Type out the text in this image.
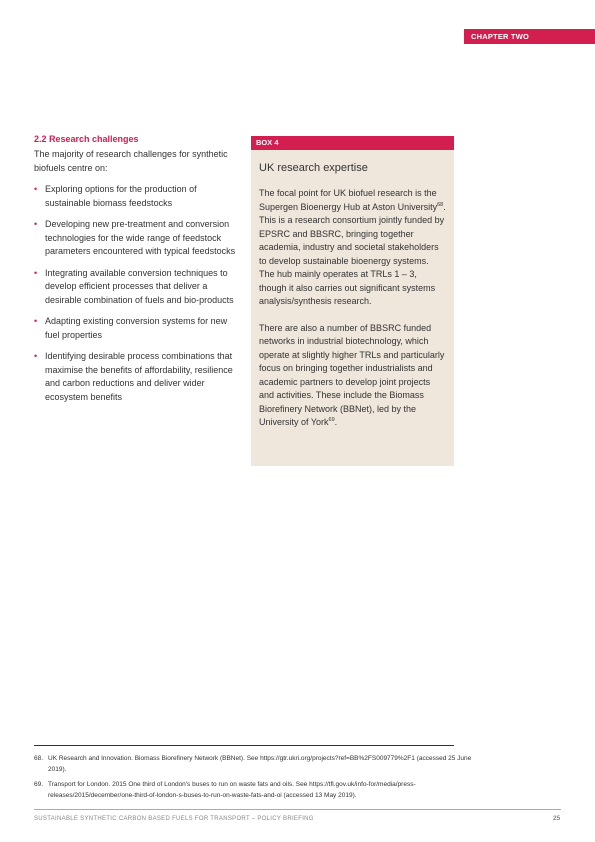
CHAPTER TWO
2.2 Research challenges
The majority of research challenges for synthetic biofuels centre on:
• Exploring options for the production of sustainable biomass feedstocks
• Developing new pre-treatment and conversion technologies for the wide range of feedstock parameters encountered with typical feedstocks
• Integrating available conversion techniques to develop efficient processes that deliver a desirable combination of fuels and bio-products
• Adapting existing conversion systems for new fuel properties
• Identifying desirable process combinations that maximise the benefits of affordability, resilience and carbon reductions and deliver wider ecosystem benefits
BOX 4
UK research expertise

The focal point for UK biofuel research is the Supergen Bioenergy Hub at Aston University$^{68}$. This is a research consortium jointly funded by EPSRC and BBSRC, bringing together academia, industry and societal stakeholders to develop sustainable bioenergy systems. The hub mainly operates at TRLs 1 – 3, though it also carries out significant systems analysis/synthesis research.

There are also a number of BBSRC funded networks in industrial biotechnology, which operate at slightly higher TRLs and particularly focus on bringing together industrialists and academic partners to develop joint projects and activities. These include the Biomass Biorefinery Network (BBNet), led by the University of York$^{69}$.

68. UK Research and Innovation. Biomass Biorefinery Network (BBNet). See https://gtr.ukri.org/projects?ref=BB%2FS009779%2F1 (accessed 25 June 2019).
69. Transport for London. 2015 One third of London's buses to run on waste fats and oils. See https://tfl.gov.uk/info-for/media/press-releases/2015/december/one-third-of-london-s-buses-to-run-on-waste-fats-and-oi (accessed 13 May 2019).
SUSTAINABLE SYNTHETIC CARBON BASED FUELS FOR TRANSPORT – POLICY BRIEFING	25
